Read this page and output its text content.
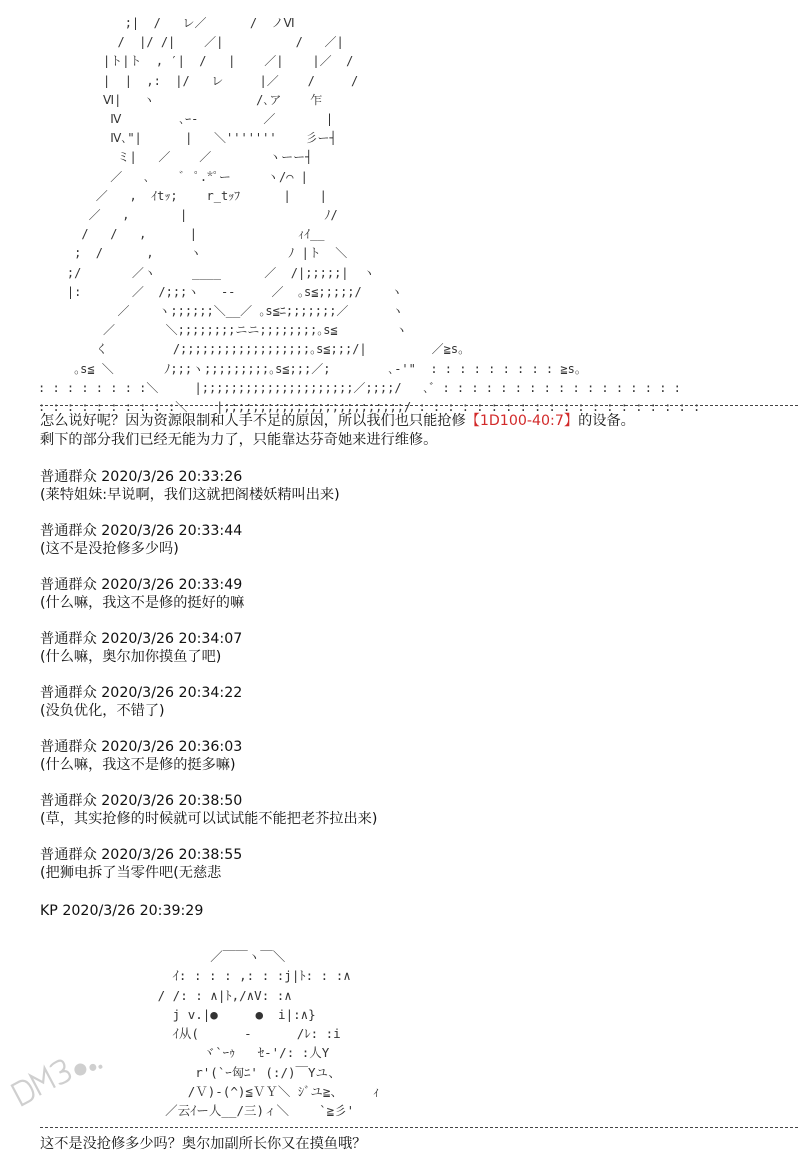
;|  /   レ／      /  ノⅥ
/  |/ /|    ／|          /   ／|
|ト|ト  , ′|  /   |    ／|    |／  /
|  |  ,:  |/   レ     |／    /     /
Ⅵ|   ヽ              /､ア    乍
Ⅳ        ､ｰ‐         ／       |
Ⅳ､"|      |   ＼'''''''    彡ー┤
ミ|   ／    ／        ヽーー┤
／   ､    ゛ ﾟ.*ﾟー     ヽ/⌒ |
／   ,  ｲtｯ;    r_tｯﾌ      |    |
／   ,       |                   ﾉ/
/   /   ,      |              ｨｲ__
;  /      ,     ヽ            ﾉ |ト  ＼
;/       ／ヽ     ____      ／  /|;;;;;|  ヽ
|:       ／  /;;;ヽ   --     ／  ｡s≦;;;;;/    ヽ
／    ヽ;;;;;;＼__／ ｡s≦ﾆ;;;;;;;／      ヽ
／       ＼;;;;;;;;ニニ;;;;;;;;｡s≦        ヽ
く         /;;;;;;;;;;;;;;;;;;｡s≦;;;/|         ／≧s｡
｡s≦ ＼       ﾉ;;;ヽ;;;;;;;;;｡s≦;;;／;        ､-'"  : : : : : : : : : ≧s｡
: : : : : : : :＼     |;;;;;;;;;;;;;;;;;;;;;／;;;;/   ､ﾞ : : : : : : : : : : : : : : : : :
: : : : : : : : : :＼    |;;;;;;;;;;;;;;;;;;;;;;;;;/ : : : : : : : : : : : : : : : : : : : :
怎么说好呢？因为资源限制和人手不足的原因，所以我们也只能抢修【1D100-40:7】的设备。
剩下的部分我们已经无能为力了，只能靠达芬奇她来进行维修。
普通群众 2020/3/26 20:33:26
(莱特姐妹:早说啊，我们这就把阁楼妖精叫出来)
普通群众 2020/3/26 20:33:44
(这不是没抢修多少吗)
普通群众 2020/3/26 20:33:49
(什么嘛，我这不是修的挺好的嘛
普通群众 2020/3/26 20:34:07
(什么嘛，奥尔加你摸鱼了吧)
普通群众 2020/3/26 20:34:22
(没负优化，不错了)
普通群众 2020/3/26 20:36:03
(什么嘛，我这不是修的挺多嘛)
普通群众 2020/3/26 20:38:50
(草，其实抢修的时候就可以试试能不能把老芥拉出来)
普通群众 2020/3/26 20:38:55
(把狮电拆了当零件吧(无慈悲
KP 2020/3/26 20:39:29
／￣￣ヽ￣＼
ｲ: : : : ,: : :j|ﾄ: : :∧
/ /: : ∧|ﾄ,/∧V: :∧
j v.|●     ●  i|:∧}
ｲ从(      -      /ﾚ: :i
ヾ`ｰｩ   ｾ-'/: :人Y
r'(`ｰ匈ﾆ' (:/)￣Yユ、
/Ｖ)-(^)≦ＶＹ＼ ｼﾞユ≧、    ｨ
／云ｲー人__/三)ィ＼    `≧彡'
这不是没抢修多少吗？奥尔加副所长你又在摸鱼哦？
